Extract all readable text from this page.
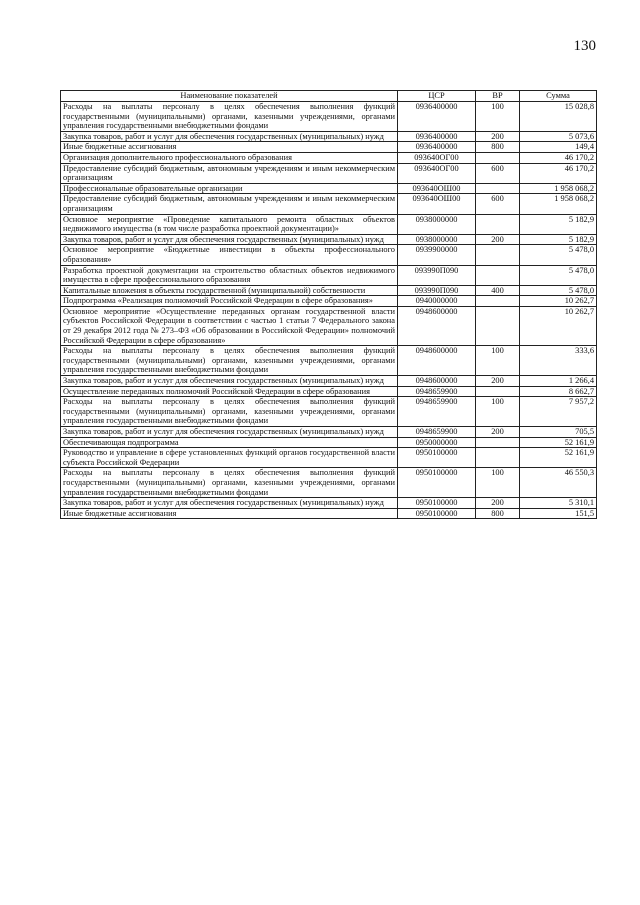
130
Наименование показателей	ЦСР	ВР	Сумма
Расходы на выплаты персоналу в целях обеспечения выполнения функций государственными (муниципальными) органами, казенными учреждениями, органами управления государственными внебюджетными фондами	0936400000	100	15 028,8
Закупка товаров, работ и услуг для обеспечения государственных (муниципальных) нужд	0936400000	200	5 073,6
Иные бюджетные ассигнования	0936400000	800	149,4
Организация дополнительного профессионального образования	093640ОГ00		46 170,2
Предоставление субсидий бюджетным, автономным учреждениям и иным некоммерческим организациям	093640ОГ00	600	46 170,2
Профессиональные образовательные организации	093640ОШ00		1 958 068,2
Предоставление субсидий бюджетным, автономным учреждениям и иным некоммерческим организациям	093640ОШ00	600	1 958 068,2
Основное мероприятие «Проведение капитального ремонта областных объектов недвижимого имущества (в том числе разработка проектной документации)»	0938000000		5 182,9
Закупка товаров, работ и услуг для обеспечения государственных (муниципальных) нужд	0938000000	200	5 182,9
Основное мероприятие «Бюджетные инвестиции в объекты профессионального образования»	0939900000		5 478,0
Разработка проектной документации на строительство областных объектов недвижимого имущества в сфере профессионального образования	093990П090		5 478,0
Капитальные вложения в объекты государственной (муниципальной) собственности	093990П090	400	5 478,0
Подпрограмма «Реализация полномочий Российской Федерации в сфере образования»	0940000000		10 262,7
Основное мероприятие «Осуществление переданных органам государственной власти субъектов Российской Федерации в соответствии с частью 1 статьи 7 Федерального закона от 29 декабря 2012 года № 273–ФЗ «Об образовании в Российской Федерации» полномочий Российской Федерации в сфере образования»	0948600000		10 262,7
Расходы на выплаты персоналу в целях обеспечения выполнения функций государственными (муниципальными) органами, казенными учреждениями, органами управления государственными внебюджетными фондами	0948600000	100	333,6
Закупка товаров, работ и услуг для обеспечения государственных (муниципальных) нужд	0948600000	200	1 266,4
Осуществление переданных полномочий Российской Федерации в сфере образования	0948659900		8 662,7
Расходы на выплаты персоналу в целях обеспечения выполнения функций государственными (муниципальными) органами, казенными учреждениями, органами управления государственными внебюджетными фондами	0948659900	100	7 957,2
Закупка товаров, работ и услуг для обеспечения государственных (муниципальных) нужд	0948659900	200	705,5
Обеспечивающая подпрограмма	0950000000		52 161,9
Руководство и управление в сфере установленных функций органов государственной власти субъекта Российской Федерации	0950100000		52 161,9
Расходы на выплаты персоналу в целях обеспечения выполнения функций государственными (муниципальными) органами, казенными учреждениями, органами управления государственными внебюджетными фондами	0950100000	100	46 550,3
Закупка товаров, работ и услуг для обеспечения государственных (муниципальных) нужд	0950100000	200	5 310,1
Иные бюджетные ассигнования	0950100000	800	151,5
